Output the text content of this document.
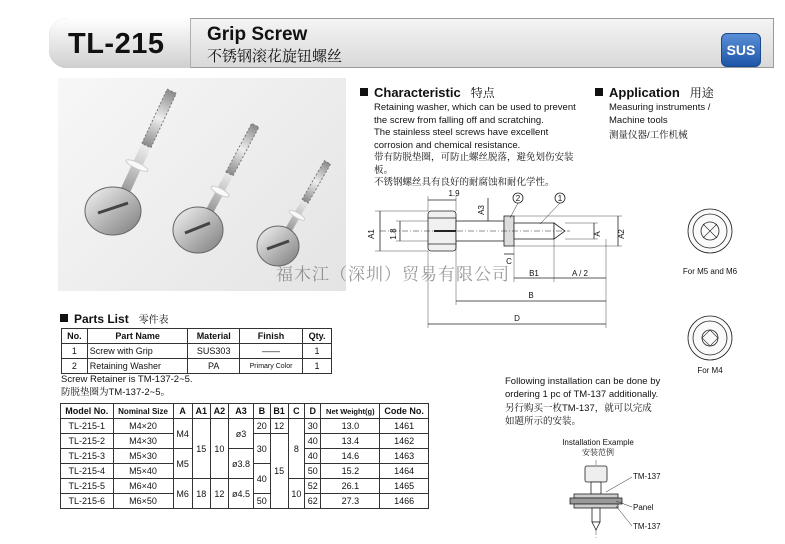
TL-215 Grip Screw
不锈钢滚花旋钮螺丝	SUS
Characteristic 特点
Retaining washer, which can be used to prevent
the screw from falling off and scratching.
The stainless steel screws have excellent
corrosion and chemical resistance.
带有防脱垫圈，可防止螺丝脱落，避免划伤安装板。
不锈钢螺丝具有良好的耐腐蚀和耐化学性。
Application 用途
Measuring instruments /
Machine tools
测量仪器/工作机械
1.9
A3
A1 1.8	A A2
B1	A / 2
B
D
C
2	1
For M5 and M6
For M4
福木江（深圳）贸易有限公司
Parts List 零件表
No.	Part Name	Material	Finish	Qty.
1	Screw with Grip	SUS303	——	1
2	Retaining Washer	PA	Primary Color	1
Screw Retainer is TM-137-2~5.
防脱垫圈为TM-137-2~5。
Model No.	Nominal Size	A	A1	A2	A3	B	B1	C	D	Net Weight(g)	Code No.
TL-215-1	M4×20	M4	15	10	ø3	20	12	8	30	13.0	1461
TL-215-2	M4×30					30	15		40	13.4	1462
TL-215-3	M5×30	M5			ø3.8				40	14.6	1463
TL-215-4	M5×40					40			50	15.2	1464
TL-215-5	M6×40	M6	18	12	ø4.5			10	52	26.1	1465
TL-215-6	M6×50					50			62	27.3	1466
Following installation can be done by
ordering 1 pc of TM-137 additionally.
另行购买一枚TM-137，就可以完成
如题所示的安装。
Installation Example
安装范例
TM-137
Panel
TM-137
